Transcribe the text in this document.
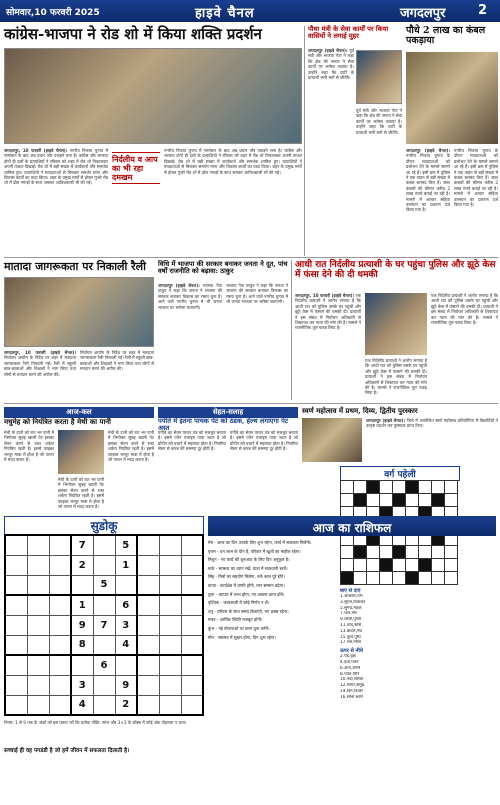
सोमवार,10 फरवरी 2025	हाइवे चैनल	जगदलपुर	2
कांग्रेस-भाजपा ने रोड शो में किया शक्ति प्रदर्शन
जगदलपुर, 10 फरवरी (हाइवे चैनल)। नगरीय निकाय चुनाव में नामांकन के बाद अब प्रचार जोर पकड़ने लगा है। कांग्रेस और भाजपा दोनों ही दलों के प्रत्याशियों ने रविवार को शहर में रोड शो निकालकर अपनी ताकत दिखाई। रोड शो में बड़ी संख्या में कार्यकर्ता और समर्थक शामिल हुए। प्रत्याशियों ने मतदाताओं से मिलकर समर्थन मांगा और विकास कार्यों का वादा किया। शहर के प्रमुख मार्गों से होकर गुजरे रोड शो में ढोल नगाड़ों के साथ जमकर आतिशबाजी भी की गई।
निर्दलीय व आप का भी रहा दमखम
नगरीय निकाय चुनाव में नामांकन के बाद अब प्रचार जोर पकड़ने लगा है। कांग्रेस और भाजपा दोनों ही दलों के प्रत्याशियों ने रविवार को शहर में रोड शो निकालकर अपनी ताकत दिखाई। रोड शो में बड़ी संख्या में कार्यकर्ता और समर्थक शामिल हुए। प्रत्याशियों ने मतदाताओं से मिलकर समर्थन मांगा और विकास कार्यों का वादा किया। शहर के प्रमुख मार्गों से होकर गुजरे रोड शो में ढोल नगाड़ों के साथ जमकर आतिशबाजी भी की गई।
पौधा मंत्री के सेवा कार्यों पर किया वासियों ने लगाई मुहर
जगदलपुर (हाइवे चैनल)। पूर्व मंत्री और भाजपा नेता ने कहा कि क्षेत्र की जनता ने सेवा कार्यों पर भरोसा जताया है। उन्होंने कहा कि पार्टी के प्रत्याशी भारी मतों से जीतेंगे।
पूर्व मंत्री और भाजपा नेता ने कहा कि क्षेत्र की जनता ने सेवा कार्यों पर भरोसा जताया है। उन्होंने कहा कि पार्टी के प्रत्याशी भारी मतों से जीतेंगे।
पौधे 2 लाख का कंबल पकड़ाया
जगदलपुर (हाइवे चैनल)। नगरीय निकाय चुनाव के दौरान मतदाताओं को प्रलोभन देने के मामले सामने आ रहे हैं। इसी क्रम में पुलिस ने एक वाहन से बड़ी संख्या में कंबल बरामद किए हैं। जब्त कंबलों की कीमत करीब 2 लाख रुपये बताई जा रही है। मामले में आचार संहिता उल्लंघन का प्रकरण दर्ज किया गया है।
नगरीय निकाय चुनाव के दौरान मतदाताओं को प्रलोभन देने के मामले सामने आ रहे हैं। इसी क्रम में पुलिस ने एक वाहन से बड़ी संख्या में कंबल बरामद किए हैं। जब्त कंबलों की कीमत करीब 2 लाख रुपये बताई जा रही है। मामले में आचार संहिता उल्लंघन का प्रकरण दर्ज किया गया है।
मातादा जागरूकता पर निकाली रैली
जगदलपुर, 10 फरवरी (हाइवे चैनल)। निर्वाचन आयोग के निर्देश पर शहर में मतदाता जागरूकता रैली निकाली गई। रैली में स्कूली छात्र-छात्राओं और शिक्षकों ने भाग लिया तथा लोगों से मतदान करने की अपील की।
निर्वाचन आयोग के निर्देश पर शहर में मतदाता जागरूकता रैली निकाली गई। रैली में स्कूली छात्र-छात्राओं और शिक्षकों ने भाग लिया तथा लोगों से मतदान करने की अपील की।
विधि में भाजपा की सरकार बनाकर जनता ने दूत, पांच वर्षों राजनीति को बढ़ावा: ठाकुर
जगदलपुर (हाइवे चैनल)। भाजपा नेता ठाकुर ने कहा कि जनता ने भाजपा की सरकार बनाकर विकास का रास्ता चुना है। आने वाले नगरीय चुनाव में भी जनता भाजपा पर भरोसा जताएगी।
भाजपा नेता ठाकुर ने कहा कि जनता ने भाजपा की सरकार बनाकर विकास का रास्ता चुना है। आने वाले नगरीय चुनाव में भी जनता भाजपा पर भरोसा जताएगी।
आधी रात निर्दलीय प्रत्याशी के घर पहुंचा पुलिस और झूठे केस में फंसा देने की दी धमकी
जगदलपुर, 10 फरवरी (हाइवे चैनल)। एक निर्दलीय प्रत्याशी ने आरोप लगाया है कि आधी रात को पुलिस उसके घर पहुंची और झूठे केस में फंसाने की धमकी दी। प्रत्याशी ने इस संबंध में निर्वाचन अधिकारी से शिकायत कर न्याय की मांग की है। मामले ने राजनीतिक तूल पकड़ लिया है।
एक निर्दलीय प्रत्याशी ने आरोप लगाया है कि आधी रात को पुलिस उसके घर पहुंची और झूठे केस में फंसाने की धमकी दी। प्रत्याशी ने इस संबंध में निर्वाचन अधिकारी से शिकायत कर न्याय की मांग की है। मामले ने राजनीतिक तूल पकड़ लिया है।
एक निर्दलीय प्रत्याशी ने आरोप लगाया है कि आधी रात को पुलिस उसके घर पहुंची और झूठे केस में फंसाने की धमकी दी। प्रत्याशी ने इस संबंध में निर्वाचन अधिकारी से शिकायत कर न्याय की मांग की है। मामले ने राजनीतिक तूल पकड़ लिया है।
आज-कल
मधुमेह को नियंत्रित करता है मेथी का पानी
मेथी के दानों को रात भर पानी में भिगोकर सुबह खाली पेट इसका सेवन करने से रक्त शर्करा नियंत्रित रहती है। इसमें फाइबर भरपूर मात्रा में होता है जो पाचन में मदद करता है।
मेथी के दानों को रात भर पानी में भिगोकर सुबह खाली पेट इसका सेवन करने से रक्त शर्करा नियंत्रित रहती है। इसमें फाइबर भरपूर मात्रा में होता है जो पाचन में मदद करता है।
मेथी के दानों को रात भर पानी में भिगोकर सुबह खाली पेट इसका सेवन करने से रक्त शर्करा नियंत्रित रहती है। इसमें फाइबर भरपूर मात्रा में होता है जो पाचन में मदद करता है।
सेहत-सलाह
पपीते में इतना पाचक पेट को ठंडक, हेल्थ लगाएगा पेट अस्त
पपीते का सेवन पाचन तंत्र को मजबूत बनाता है। इसमें पपेन एंजाइम पाया जाता है जो प्रोटीन को पचाने में सहायक होता है। नियमित सेवन से कब्ज की समस्या दूर होती है।
पपीते का सेवन पाचन तंत्र को मजबूत बनाता है। इसमें पपेन एंजाइम पाया जाता है जो प्रोटीन को पचाने में सहायक होता है। नियमित सेवन से कब्ज की समस्या दूर होती है।
स्वर्ण महोत्सव में प्रथम, दिव्य, द्वितीय पुरस्कार
जगदलपुर (हाइवे चैनल)। जिले में आयोजित स्वर्ण महोत्सव प्रतियोगिता में विद्यार्थियों ने उत्कृष्ट प्रदर्शन कर पुरस्कार प्राप्त किए।
वर्ग पहेली

सुडोकू
			7		5			
			2		1			
				5				
			1		6			
			9	7	3			
			8		4			
				6				
			3		9			
			4		2			
नियम: 1 से 9 तक के अंकों को इस प्रकार भरें कि प्रत्येक पंक्ति, स्तंभ और 3×3 के बॉक्स में कोई अंक दोहराया न जाए।
सच्चाई ही वह पगडंडी है जो हमें जीवन में सफलता दिलाती है।
आज का राशिफल
मेष - आज का दिन आपके लिए शुभ रहेगा, कार्य में सफलता मिलेगी।
वृषभ - धन लाभ के योग हैं, परिवार में खुशी का माहौल रहेगा।
मिथुन - नए कार्य की शुरुआत के लिए दिन अनुकूल है।
कर्क - स्वास्थ्य का ध्यान रखें, यात्रा में सावधानी बरतें।
सिंह - मित्रों का सहयोग मिलेगा, रुके काम पूरे होंगे।
कन्या - कार्यक्षेत्र में प्रगति होगी, मान सम्मान बढ़ेगा।
तुला - व्यापार में लाभ होगा, नए अवसर प्राप्त होंगे।
वृश्चिक - जल्दबाजी में कोई निर्णय न लें।
धनु - परिवार के साथ समय बिताएंगे, मन प्रसन्न रहेगा।
मकर - आर्थिक स्थिति मजबूत होगी।
कुंभ - नई योजनाओं पर काम शुरू करेंगे।
मीन - स्वास्थ्य में सुधार होगा, दिन शुभ रहेगा।
बाएं से दाएं
1.आकाश,नभ
3.सूरज,दिवाकर
5.सुगंध,महक
7.जल,नीर
9.धरती,पृथ्वी
11.चांद,शशि
13.बादल,मेघ
15.फूल,पुष्प
17.रात,निशा
ऊपर से नीचे
2.पेड़,वृक्ष
4.हवा,पवन
6.आग,अग्नि
8.पर्वत,गिरि
10.नदी,सरिता
12.सागर,समुद्र
14.दिन,दिवस
16.सोना,स्वर्ण
